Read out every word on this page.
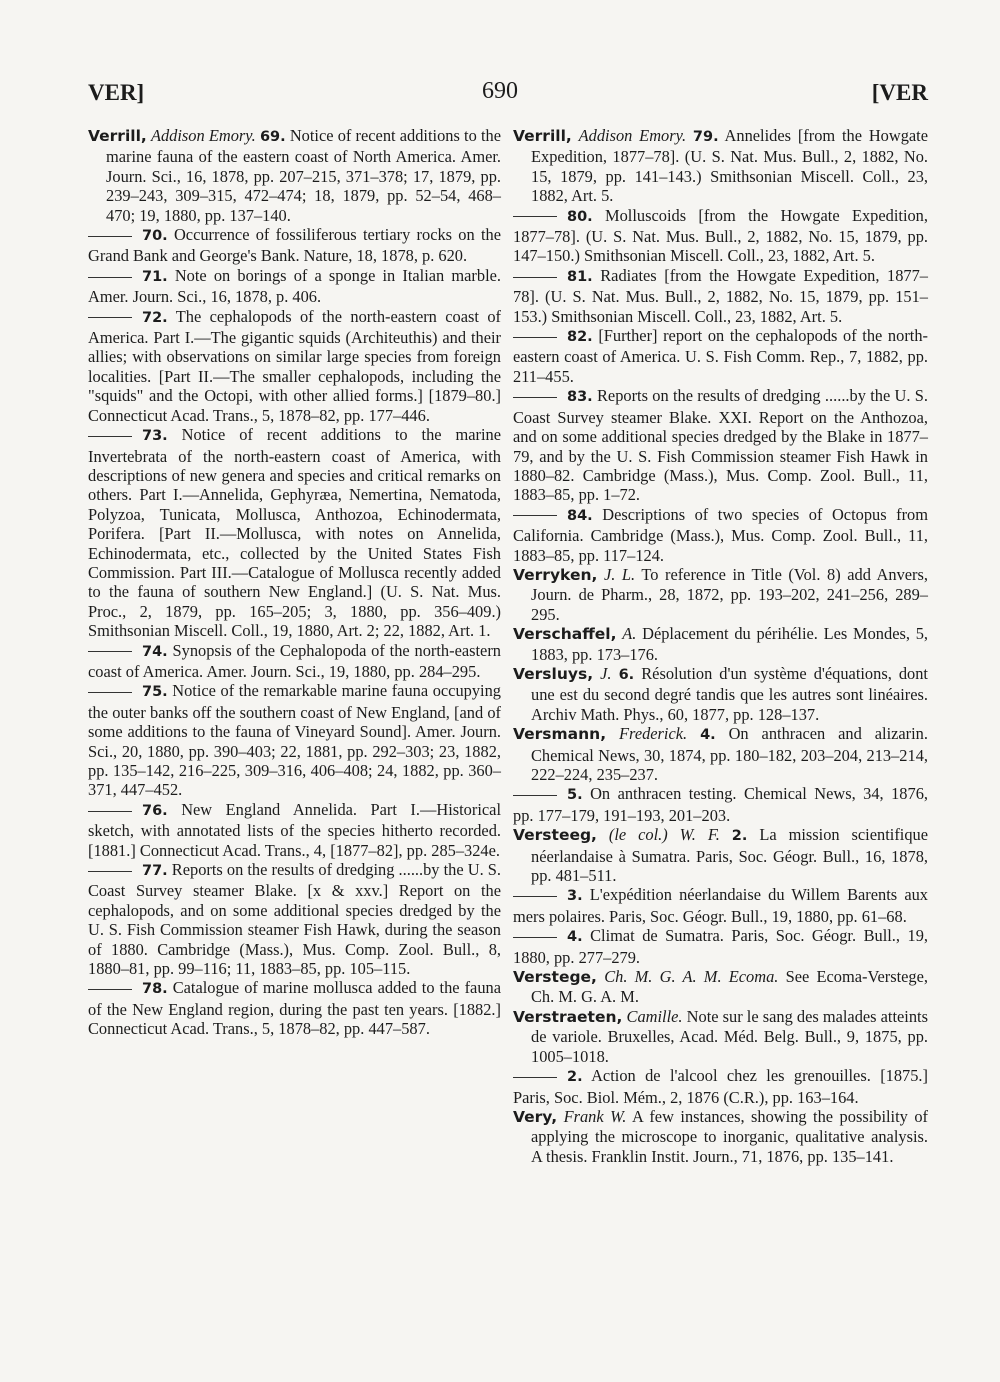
VER]	690	[VER

Verrill, Addison Emory. 69. Notice of recent additions to the marine fauna of the eastern coast of North America. Amer. Journ. Sci., 16, 1878, pp. 207–215, 371–378; 17, 1879, pp. 239–243, 309–315, 472–474; 18, 1879, pp. 52–54, 468–470; 19, 1880, pp. 137–140.

70. Occurrence of fossiliferous tertiary rocks on the Grand Bank and George's Bank. Nature, 18, 1878, p. 620.

71. Note on borings of a sponge in Italian marble. Amer. Journ. Sci., 16, 1878, p. 406.

72. The cephalopods of the north-eastern coast of America. Part I.—The gigantic squids (Architeuthis) and their allies; with observations on similar large species from foreign localities. [Part II.—The smaller cephalopods, including the "squids" and the Octopi, with other allied forms.] [1879–80.] Connecticut Acad. Trans., 5, 1878–82, pp. 177–446.

73. Notice of recent additions to the marine Invertebrata of the north-eastern coast of America, with descriptions of new genera and species and critical remarks on others. Part I.—Annelida, Gephyræa, Nemertina, Nematoda, Polyzoa, Tunicata, Mollusca, Anthozoa, Echinodermata, Porifera. [Part II.—Mollusca, with notes on Annelida, Echinodermata, etc., collected by the United States Fish Commission. Part III.—Catalogue of Mollusca recently added to the fauna of southern New England.] (U. S. Nat. Mus. Proc., 2, 1879, pp. 165–205; 3, 1880, pp. 356–409.) Smithsonian Miscell. Coll., 19, 1880, Art. 2; 22, 1882, Art. 1.

74. Synopsis of the Cephalopoda of the north-eastern coast of America. Amer. Journ. Sci., 19, 1880, pp. 284–295.

75. Notice of the remarkable marine fauna occupying the outer banks off the southern coast of New England, [and of some additions to the fauna of Vineyard Sound]. Amer. Journ. Sci., 20, 1880, pp. 390–403; 22, 1881, pp. 292–303; 23, 1882, pp. 135–142, 216–225, 309–316, 406–408; 24, 1882, pp. 360–371, 447–452.

76. New England Annelida. Part I.—Historical sketch, with annotated lists of the species hitherto recorded. [1881.] Connecticut Acad. Trans., 4, [1877–82], pp. 285–324e.

77. Reports on the results of dredging ......by the U. S. Coast Survey steamer Blake. [x & xxv.] Report on the cephalopods, and on some additional species dredged by the U. S. Fish Commission steamer Fish Hawk, during the season of 1880. Cambridge (Mass.), Mus. Comp. Zool. Bull., 8, 1880–81, pp. 99–116; 11, 1883–85, pp. 105–115.

78. Catalogue of marine mollusca added to the fauna of the New England region, during the past ten years. [1882.] Connecticut Acad. Trans., 5, 1878–82, pp. 447–587.

Verrill, Addison Emory. 79. Annelides [from the Howgate Expedition, 1877–78]. (U. S. Nat. Mus. Bull., 2, 1882, No. 15, 1879, pp. 141–143.) Smithsonian Miscell. Coll., 23, 1882, Art. 5.

80. Molluscoids [from the Howgate Expedition, 1877–78]. (U. S. Nat. Mus. Bull., 2, 1882, No. 15, 1879, pp. 147–150.) Smithsonian Miscell. Coll., 23, 1882, Art. 5.

81. Radiates [from the Howgate Expedition, 1877–78]. (U. S. Nat. Mus. Bull., 2, 1882, No. 15, 1879, pp. 151–153.) Smithsonian Miscell. Coll., 23, 1882, Art. 5.

82. [Further] report on the cephalopods of the north-eastern coast of America. U. S. Fish Comm. Rep., 7, 1882, pp. 211–455.

83. Reports on the results of dredging ......by the U. S. Coast Survey steamer Blake. XXI. Report on the Anthozoa, and on some additional species dredged by the Blake in 1877–79, and by the U. S. Fish Commission steamer Fish Hawk in 1880–82. Cambridge (Mass.), Mus. Comp. Zool. Bull., 11, 1883–85, pp. 1–72.

84. Descriptions of two species of Octopus from California. Cambridge (Mass.), Mus. Comp. Zool. Bull., 11, 1883–85, pp. 117–124.

Verryken, J. L. To reference in Title (Vol. 8) add Anvers, Journ. de Pharm., 28, 1872, pp. 193–202, 241–256, 289–295.

Verschaffel, A. Déplacement du périhélie. Les Mondes, 5, 1883, pp. 173–176.

Versluys, J. 6. Résolution d'un système d'équations, dont une est du second degré tandis que les autres sont linéaires. Archiv Math. Phys., 60, 1877, pp. 128–137.

Versmann, Frederick. 4. On anthracen and alizarin. Chemical News, 30, 1874, pp. 180–182, 203–204, 213–214, 222–224, 235–237.

5. On anthracen testing. Chemical News, 34, 1876, pp. 177–179, 191–193, 201–203.

Versteeg, (le col.) W. F. 2. La mission scientifique néerlandaise à Sumatra. Paris, Soc. Géogr. Bull., 16, 1878, pp. 481–511.

3. L'expédition néerlandaise du Willem Barents aux mers polaires. Paris, Soc. Géogr. Bull., 19, 1880, pp. 61–68.

4. Climat de Sumatra. Paris, Soc. Géogr. Bull., 19, 1880, pp. 277–279.

Verstege, Ch. M. G. A. M. Ecoma. See Ecoma-Verstege, Ch. M. G. A. M.

Verstraeten, Camille. Note sur le sang des malades atteints de variole. Bruxelles, Acad. Méd. Belg. Bull., 9, 1875, pp. 1005–1018.

2. Action de l'alcool chez les grenouilles. [1875.] Paris, Soc. Biol. Mém., 2, 1876 (C.R.), pp. 163–164.

Very, Frank W. A few instances, showing the possibility of applying the microscope to inorganic, qualitative analysis. A thesis. Franklin Instit. Journ., 71, 1876, pp. 135–141.
